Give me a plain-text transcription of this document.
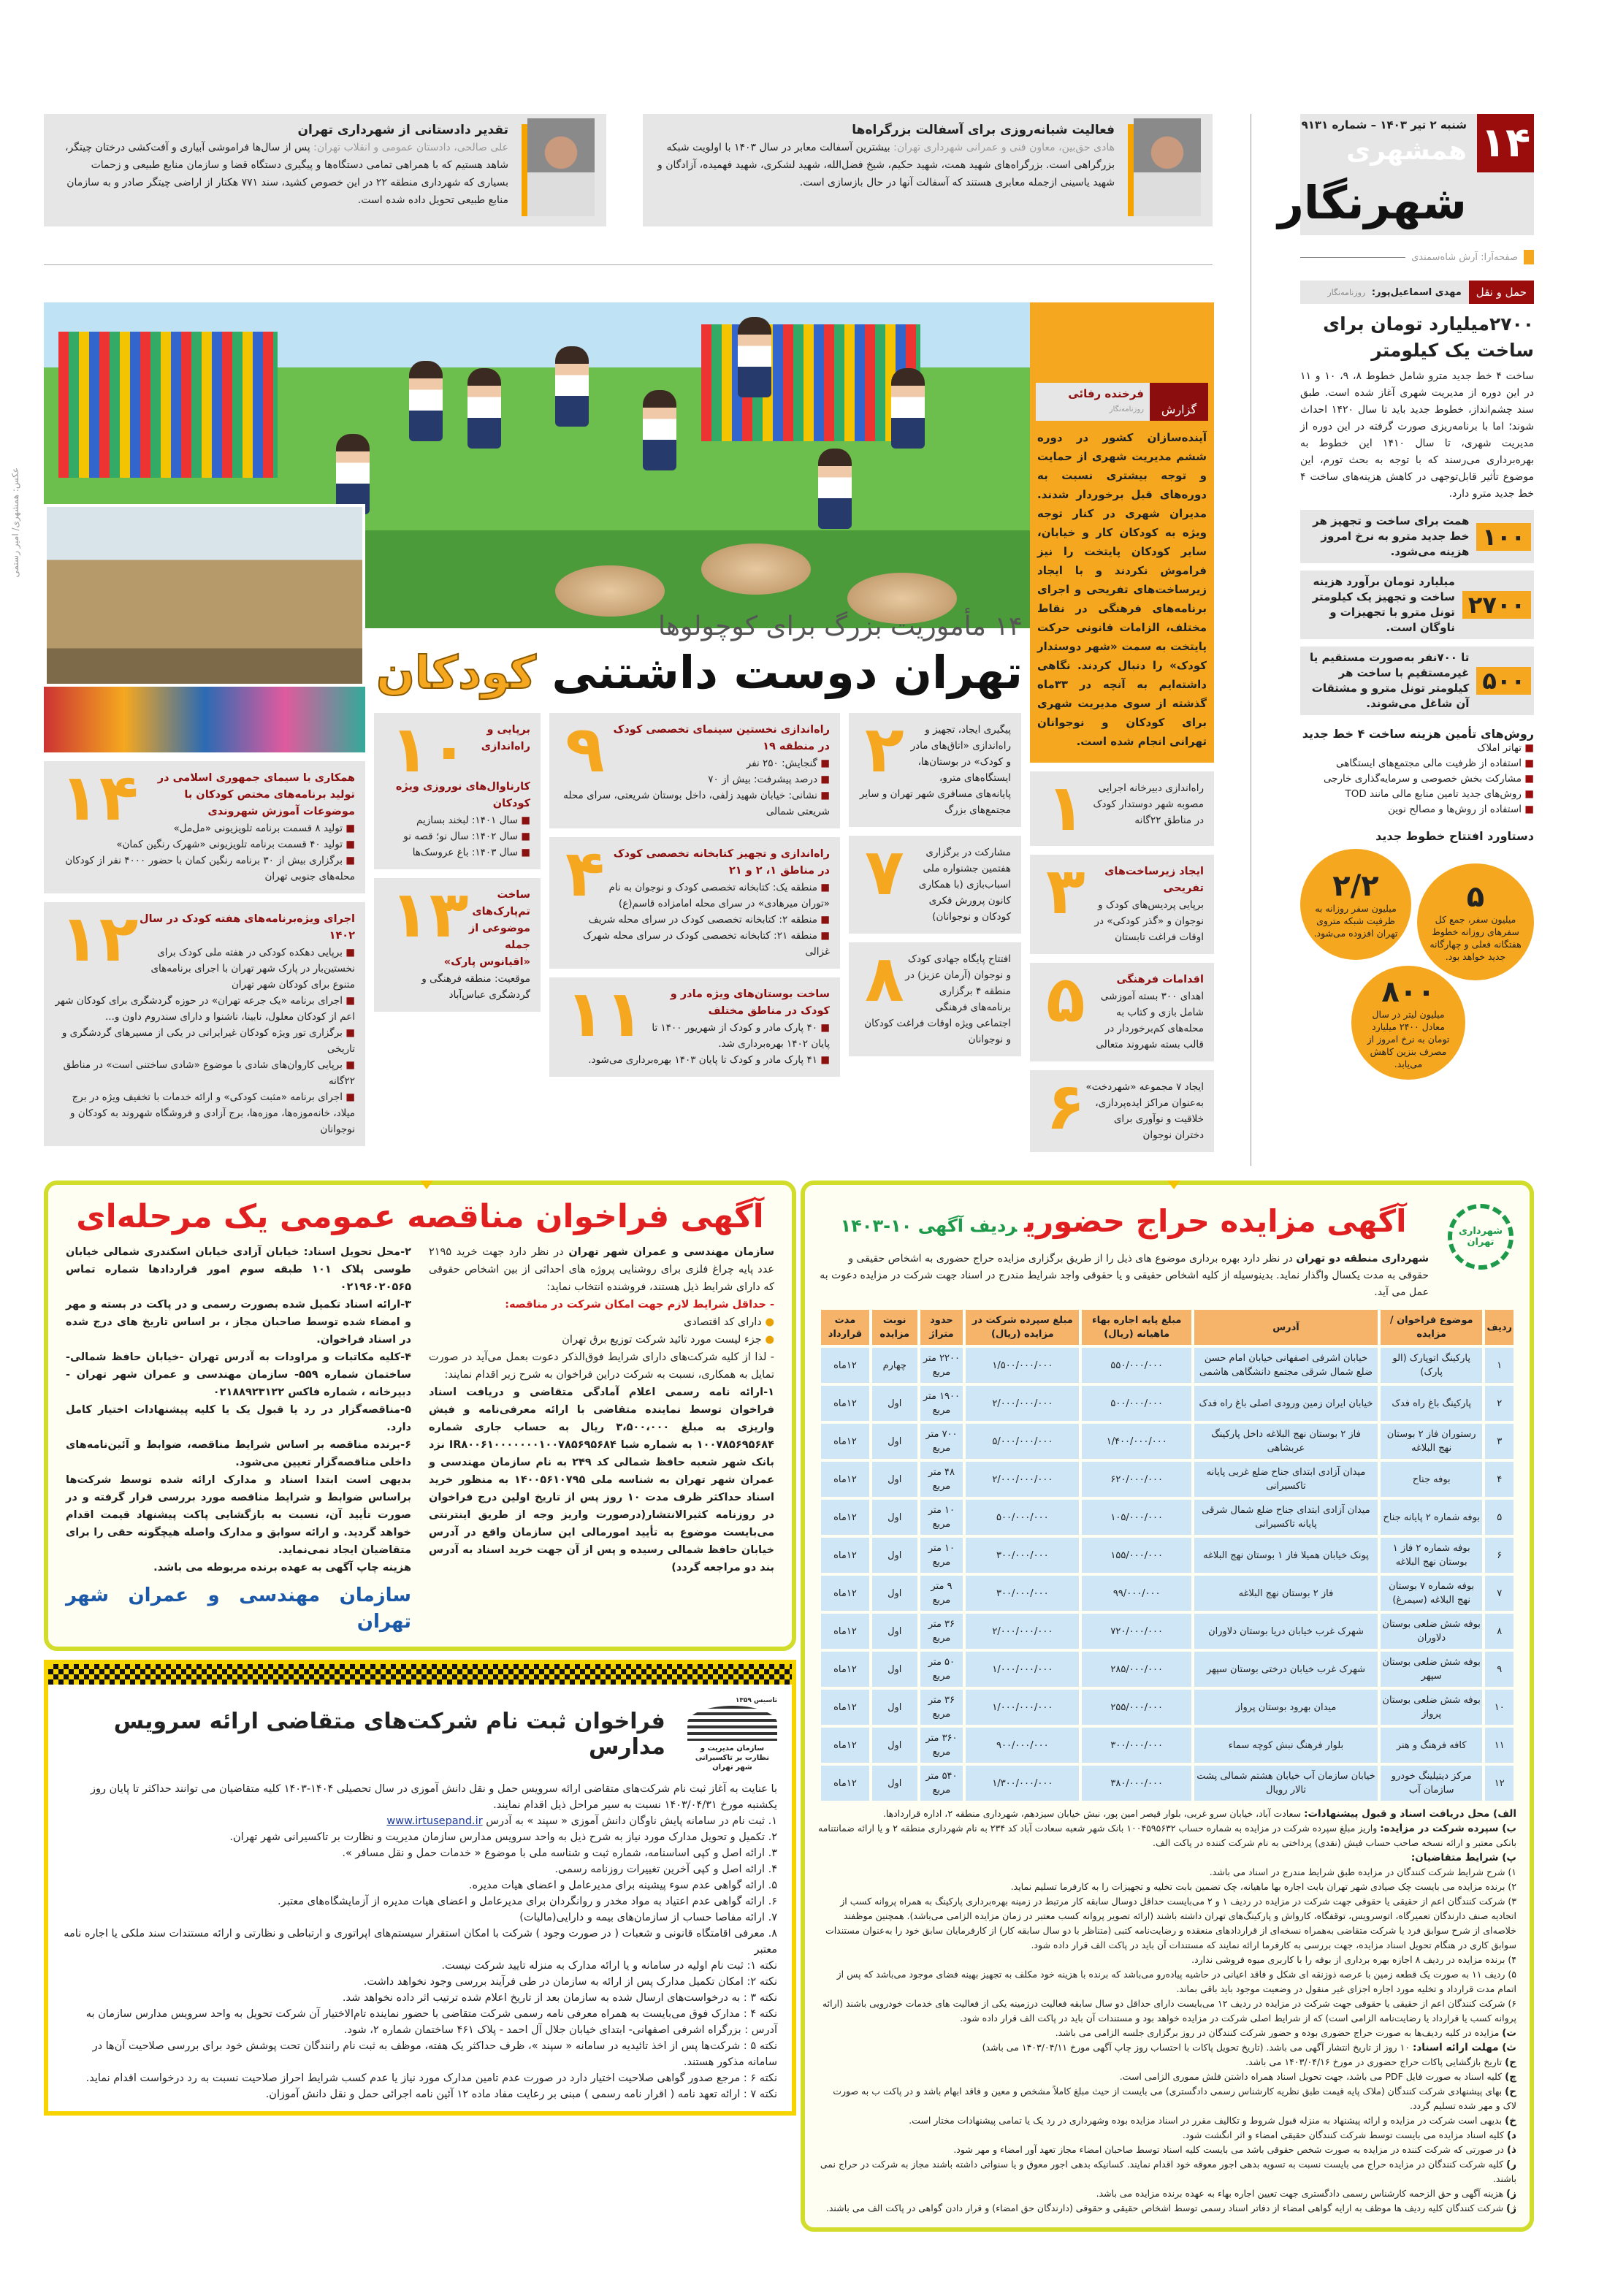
فعالیت شبانه‌روزی برای آسفالت بزرگراه‌ها

هادی حق‌بین، معاون فنی و عمرانی شهرداری تهران: بیشترین آسفالت معابر در سال ۱۴۰۳ با اولویت شبکه بزرگراهی است. بزرگراه‌های شهید همت، شهید حکیم، شیخ فضل‌الله، شهید لشکری، شهید فهمیده، آزادگان و شهید یاسینی ازجمله معابری هستند که آسفالت آنها در حال بازسازی است.

تقدیر دادستانی از شهرداری تهران

علی صالحی، دادستان عمومی و انقلاب تهران: پس از سال‌ها فراموشی آبیاری و آفت‌کشی درختان چیتگر، شاهد هستیم که با همراهی تمامی دستگاه‌ها و پیگیری دستگاه قضا و سازمان منابع طبیعی و زحمات بسیاری که شهرداری منطقه ۲۲ در این خصوص کشید، سند ۷۷۱ هکتار از اراضی چیتگر صادر و به سازمان منابع طبیعی تحویل داده شده است.

۱۴
شنبه ۲ تیر ۱۴۰۳ – شماره ۹۱۳۱
همشهری
شهرنگار
صفحه‌آرا: آرش شاه‌سمندی
حمل و نقل
مهدی اسماعیل‌پور: روزنامه‌نگار
۲۷۰۰میلیارد تومان برای ساخت یک کیلومتر

ساخت ۴ خط جدید مترو شامل خطوط ۸، ۹، ۱۰ و ۱۱ در این دوره از مدیریت شهری آغاز شده است. طبق سند چشم‌انداز، خطوط جدید باید تا سال ۱۴۲۰ احداث شوند؛ اما با برنامه‌ریزی صورت گرفته در این دوره از مدیریت شهری، تا سال ۱۴۱۰ این خطوط به بهره‌برداری می‌رسند که با توجه به بحث تورم، این موضوع تأثیر قابل‌توجهی در کاهش هزینه‌های ساخت ۴ خط جدید مترو دارد.

۱۰۰
همت برای ساخت و تجهیز هر خط جدید مترو به نرخ امروز هزینه می‌شود.
۲۷۰۰
میلیارد تومان برآورد هزینه ساخت و تجهیز یک کیلومتر تونل مترو با تجهیزات و ناوگان است.
۵۰۰
تا ۷۰۰نفر به‌صورت مستقیم یا غیرمستقیم با ساخت هر کیلومتر تونل مترو و مشتقات آن شاغل می‌شوند.
روش‌های تأمین هزینه ساخت ۴ خط جدید
■ تهاتر املاک
■ استفاده از ظرفیت مالی مجتمع‌های ایستگاهی
■ مشارکت بخش خصوصی و سرمایه‌گذاری خارجی
■ روش‌های جدید تامین منابع مالی مانند TOD
■ استفاده از روش‌ها و مصالح نوین
دستاورد افتتاح خطوط جدید
۲/۲
میلیون سفر روزانه به ظرفیت شبکه متروی تهران افزوده می‌شود.
۵
میلیون سفر، جمع کل سفرهای روزانه خطوط هفتگانه فعلی و چهارگانه جدید خواهد بود.
۸۰۰
میلیون لیتر در سال معادل ۲۴۰۰ میلیارد تومان به نرخ امروز از مصرف بنزین کاهش می‌یابد.
عکس: همشهری/ امیر رستمی
گزارش
فرخنده رفائی
روزنامه‌نگار

آینده‌سازان کشور در دوره ششم مدیریت شهری از حمایت و توجه بیشتری نسبت به دوره‌های قبل برخوردار شدند. مدیران شهری در کنار توجه ویژه به کودکان کار و خیابان، سایر کودکان پایتخت را نیز فراموش نکردند و با ایجاد زیرساخت‌های تفریحی و اجرای برنامه‌های فرهنگی در نقاط مختلف، الزامات قانونی حرکت پایتخت به سمت «شهر دوستدار کودک» را دنبال کردند. نگاهی داشته‌ایم به آنچه در ۳۳ماه گذشته از سوی مدیریت شهری برای کودکان و نوجوانان تهرانی انجام شده است.

۱۴ مأموریت بزرگ برای کوچولوها
تهران دوست داشتنی کودکان
۱	راه‌اندازی دبیرخانه اجرایی مصوبه شهر دوستدار کودک در مناطق ۲۲گانه
۳	ایجاد زیرساخت‌های تفریحی
برپایی پردیس‌های کودک و نوجوان و «گذر کودکی» در اوقات فراغت تابستان
۵	اقدامات فرهنگی
اهدای ۳۰۰ بسته آموزشی شامل بازی و کتاب به محله‌های کم‌برخوردار در قالب بسته شهروند متعالی
۶ ایجاد ۷ مجموعه «شهردخت» به‌عنوان مراکز ایده‌پردازی، خلاقیت و نوآوری برای دختران نوجوان
۲	پیگیری ایجاد، تجهیز و راه‌اندازی «اتاق‌های مادر و کودک» در بوستان‌ها، ایستگاه‌های مترو، پایانه‌های مسافری شهر تهران و سایر مجتمع‌های بزرگ
۷	مشارکت در برگزاری هفتمین جشنواره ملی اسباب‌بازی (با همکاری کانون پرورش فکری کودکان و نوجوانان)
۸ افتتاح پایگاه جهادی کودک و نوجوان (آرمان عزیز) در منطقه ۴ برگزاری برنامه‌های فرهنگی اجتماعی ویژه اوقات فراغت کودکان و نوجوانان
۹ راه‌اندازی نخستین سینمای تخصصی کودک در منطقه ۱۹
■ گنجایش: ۲۵۰ نفر
■ درصد پیشرفت: بیش از ۷۰
■ نشانی: خیابان شهید زلفی، داخل بوستان شریعتی، سرای محله شریعتی شمالی
۴ راه‌اندازی و تجهیز کتابخانه تخصصی کودک در مناطق ۱، ۲ و ۲۱
■ منطقه یک: کتابخانه تخصصی کودک و نوجوان به نام «توران میرهادی» در سرای محله امامزاده قاسم(ع)
■ منطقه ۲: کتابخانه تخصصی کودک در سرای محله شریف
■ منطقه ۲۱: کتابخانه تخصصی کودک در سرای محله شهرک غزالی
۱۱	ساخت بوستان‌های ویژه مادر و کودک در مناطق مختلف
■ ۴۰ پارک مادر و کودک از شهریور ۱۴۰۰ تا پایان ۱۴۰۲ بهره‌برداری شد.
■ ۴۱ پارک مادر و کودک تا پایان ۱۴۰۳ بهره‌برداری می‌شود.
۱۰	برپایی و راه‌اندازی کارناوال‌های نوروزی ویژه کودکان
■ سال ۱۴۰۱: لبخند بسازیم
■ سال ۱۴۰۲: سال نو؛ قصه نو
■ سال ۱۴۰۳: باغ عروسک‌ها
۱۳	ساخت تم‌پارک‌های موضوعی از جمله «اقیانوس پارک»
موقعیت: منطقه فرهنگی و گردشگری عباس‌آباد
۱۴	همکاری با سیمای جمهوری اسلامی در تولید برنامه‌های مختص کودکان با موضوعات آموزش شهروندی
■ تولید ۸ قسمت برنامه تلویزیونی «مل‌مل»
■ تولید ۴۰ قسمت برنامه تلویزیونی «شهرک رنگین کمان»
■ برگزاری بیش از ۳۰ برنامه رنگین کمان با حضور ۴۰۰۰ نفر از کودکان محله‌های جنوبی تهران
۱۲ اجرای ویژه‌برنامه‌های هفته کودک در سال ۱۴۰۲
■ برپایی دهکده کودکی در هفته ملی کودک برای نخستین‌بار در پارک شهر تهران با اجرای برنامه‌های متنوع برای کودکان شهر تهران
■ اجرای برنامه «یک جرعه تهران» در حوزه گردشگری برای کودکان شهر اعم از کودکان معلول، نابینا، ناشنوا و دارای سندروم داون و...
■ برگزاری تور ویژه کودکان غیرایرانی در یکی از مسیرهای گردشگری و تاریخی
■ برپایی کاروان‌های شادی با موضوع «شادی ساختنی است» در مناطق ۲۲گانه
■ اجرای برنامه «مثبت کودکی» و ارائه خدمات با تخفیف ویژه در برج میلاد، خانه‌موزه‌ها، موزه‌ها، برج آزادی و فروشگاه شهروند به کودکان و نوجوانان
آگهی فراخوان مناقصه عمومی یک مرحله‌ای

سازمان مهندسی و عمران شهر تهران در نظر دارد جهت خرید ۲۱۹۵ عدد پایه چراغ فلزی برای روشنایی پروژه های احداثی از بین اشخاص حقوقی که دارای شرایط ذیل هستند، فروشنده انتخاب نماید:

- حداقل شرایط لازم جهت امکان شرکت در مناقصه:

● دارای کد اقتصادی

● جزء لیست مورد تائید شرکت توزیع برق تهران

- لذا از کلیه شرکت‌های دارای شرایط فوق‌الذکر دعوت بعمل می‌آید در صورت تمایل به همکاری، نسبت به شرکت دراین فراخوان به شرح زیر اقدام نمایند:

۱-ارائه نامه رسمی اعلام آمادگی متقاضی و دریافت اسناد فراخوان توسط نماینده متقاضی با ارائه معرفی‌نامه و فیش واریزی به مبلغ ۳،۵۰۰،۰۰۰ ریال به حساب جاری شماره ۱۰۰۷۸۵۶۹۵۶۸۴ به شماره شبا IR۸۰۰۶۱۰۰۰۰۰۰۰۱۰۰۷۸۵۶۹۵۶۸۴ نزد بانک شهر شعبه حافظ شمالی کد ۲۴۹ به نام سازمان مهندسی و عمران شهر تهران به شناسه ملی ۱۴۰۰۵۶۱۰۷۹۵ به منظور خرید اسناد حداکثر ظرف مدت ۱۰ روز پس از تاریخ اولین درج فراخوان در روزنامه کثیرالانتشار(درصورت واریز وجه از طریق اینترنتی می‌بایست موضوع به تأیید امورمالی این سازمان واقع در آدرس خیابان حافظ شمالی رسیده و پس از آن جهت خرید اسناد به آدرس بند دو مراجعه گردد)

۲-محل تحویل اسناد: خیابان آزادی خیابان اسکندری شمالی خیابان طوسی پلاک ۱۰۱ طبقه سوم امور قراردادها شماره تماس ۰۲۱۹۶۰۲۰۵۶۵

۳-ارائه اسناد تکمیل شده بصورت رسمی و در پاکت در بسته و مهر و امضاء شده توسط صاحبان مجاز ، بر اساس تاریخ های درج شده در اسناد فراخوان.

۴-کلیه مکاتبات و مراودات به آدرس تهران -خیابان حافظ شمالی- ساختمان شماره ۵۵۹- سازمان مهندسی و عمران شهر تهران - دبیرخانه ، شماره فاکس ۰۲۱۸۸۹۲۳۱۲۲

۵-مناقصه‌گزار در رد یا قبول یک یا کلیه پیشنهادات اختیار کامل دارد.

۶-برنده مناقصه بر اساس شرایط مناقصه، ضوابط و آئین‌نامه‌های داخلی مناقصه‌گزار تعیین می‌شود.

بدیهی است ابتدا اسناد و مدارک ارائه شده توسط شرکت‌ها براساس ضوابط و شرایط مناقصه مورد بررسی قرار گرفته و در صورت تأیید آن، نسبت به بازگشایی پاکت پیشنهاد قیمت اقدام خواهد گردید. و ارائه سوابق و مدارک واصله هیچگونه حقی را برای متقاضیان ایجاد نمی‌نماید.

هزینه چاپ آگهی به عهده برنده مربوطه می باشد.

سازمان مهندسی و عمران شهر تهران

شهرداری تهران
آگهی مزایده حراج حضوریردیف آگهی ۱۰-۱۴۰۳

شهرداری منطقه دو تهران در نظر دارد بهره برداری موضوع های ذیل را از طریق برگزاری مزایده حراج حضوری به اشخاص حقیقی و حقوقی به مدت یکسال واگذار نماید. بدینوسیله از کلیه اشخاص حقیقی و یا حقوقی واجد شرایط مندرج در اسناد جهت شرکت در مزایده دعوت به عمل می آید.

ردیف	موضوع فراخوان / مزایده	آدرس	مبلغ پایه اجاره بهاء ماهیانه (ریال)	مبلغ سپرده شرکت در مزایده (ریال)	حدود متراژ	نوبت مزایده	مدت قرارداد
۱	پارکینگ اتوپارک (الو پارک)	خیابان اشرفی اصفهانی خیابان امام حسن ضلع شمال شرقی مجتمع دانشگاهی هاشمی	۵۵۰/۰۰۰/۰۰۰	۱/۵۰۰/۰۰۰/۰۰۰	۲۲۰۰ متر مربع	چهارم	۱۲ماه
۲	پارکینگ باغ راه فدک	خیابان ایران زمین ورودی اصلی باغ راه فدک	۵۰۰/۰۰۰/۰۰۰	۲/۰۰۰/۰۰۰/۰۰۰	۱۹۰۰ متر مربع	اول	۱۲ماه
۳	رستوران فاز ۲ بوستان نهج البلاغه	فاز ۲ بوستان نهج البلاغه داخل پارکینگ عربشاهی	۱/۴۰۰/۰۰۰/۰۰۰	۵/۰۰۰/۰۰۰/۰۰۰	۷۰۰ متر مربع	اول	۱۲ماه
۴	بوفه جناح	میدان آزادی ابتدای جناح ضلع غربی پایانه تاکسیرانی	۶۲۰/۰۰۰/۰۰۰	۲/۰۰۰/۰۰۰/۰۰۰	۴۸ متر مربع	اول	۱۲ماه
۵	بوفه شماره ۲ پایانه جناح	میدان آزادی ابتدای جناح ضلع شمال شرقی پایانه تاکسیرانی	۱۰۵/۰۰۰/۰۰۰	۵۰۰/۰۰۰/۰۰۰	۱۰ متر مربع	اول	۱۲ماه
۶	بوفه شماره ۲ فاز ۱ بوستان نهج البلاغه	پونک خیابان همیلا فاز ۱ بوستان نهج البلاغه	۱۵۵/۰۰۰/۰۰۰	۳۰۰/۰۰۰/۰۰۰	۱۰ متر مربع	اول	۱۲ماه
۷	بوفه شماره ۷ بوستان نهج البلاغه (سیمرغ)	فاز ۲ بوستان نهج البلاغه	۹۹/۰۰۰/۰۰۰	۳۰۰/۰۰۰/۰۰۰	۹ متر مربع	اول	۱۲ماه
۸	بوفه شش ضلعی بوستان دلاوران	شهرک غرب خیابان دریا بوستان دلاوران	۷۲۰/۰۰۰/۰۰۰	۲/۰۰۰/۰۰۰/۰۰۰	۳۶ متر مربع	اول	۱۲ماه
۹	بوفه شش ضلعی بوستان سپهر	شهرک غرب خیابان درختی بوستان سپهر	۲۸۵/۰۰۰/۰۰۰	۱/۰۰۰/۰۰۰/۰۰۰	۵۰ متر مربع	اول	۱۲ماه
۱۰	بوفه شش ضلعی بوستان پرواز	میدان بهرود بوستان پرواز	۲۵۵/۰۰۰/۰۰۰	۱/۰۰۰/۰۰۰/۰۰۰	۳۶ متر مربع	اول	۱۲ماه
۱۱	کافه فرهنگ و هنر	بلوار فرهنگ نبش کوچه سماء	۳۰۰/۰۰۰/۰۰۰	۹۰۰/۰۰۰/۰۰۰	۳۶۰ متر مربع	اول	۱۲ماه
۱۲	مرکز دیتیلینگ خودرو سازمان آب	خیابان سازمان آب خیابان هشتم شمالی پشت تالار رویال	۳۸۰/۰۰۰/۰۰۰	۱/۳۰۰/۰۰۰/۰۰۰	۵۴۰ متر مربع	اول	۱۲ماه

الف) محل دریافت اسناد و قبول پیشنهادات: سعادت آباد، خیابان سرو غربی، بلوار قیصر امین پور، نبش خیابان سیزدهم، شهرداری منطقه ۲، اداره قراردادها.

ب) سپرده شرکت در مزایده: واریز مبلغ سپرده شرکت در مزایده به شماره حساب ۱۰۰۴۵۹۵۶۳۲ بانک شهر شعبه سعادت آباد کد ۲۳۴ به نام شهرداری منطقه ۲ و یا ارائه ضمانتنامه بانکی معتبر و ارائه نسخه صاحب حساب فیش (نقدی) پرداختی به نام شرکت کننده در پاکت الف.

پ) شرایط متقاضیان:

۱) شرح شرایط شرکت کنندگان در مزایده طبق شرایط مندرج در اسناد می باشد.

۲) برنده مزایده می بایست چک صیادی شهر تهران بابت اجاره بها ماهیانه، چک تضمین بابت تخلیه و تجهیزات را به کارفرما تسلیم نماید.

۳) شرکت کنندگان اعم از حقیقی یا حقوقی جهت شرکت در مزایده در ردیف ۱ و ۲ می‌بایست حداقل دوسال سابقه کار مرتبط در زمینه بهره‌برداری پارکینگ به همراه پروانه کسب از اتحادیه صنف دارندگان تعمیرگاه، اتوسرویس، توقفگاه، کارواش و پارکینگ‌های تهران داشته باشند (ارائه تصویر پروانه کسب معتبر در زمان مزایده الزامی می‌باشد). همچنین موظفند خلاصه‌ای از شرح سوابق فرد یا شرکت متقاضی به‌همراه نسخه‌ای از قراردادهای منعقده و رضایت‌نامه کتبی (متناظر با دو سال سابقه کار) از کارفرمایان سابق خود را به‌عنوان مستندات سوابق کاری در هنگام تحویل اسناد مزایده، جهت بررسی به کارفرما ارائه نمایند که مستندات آن باید در پاکت الف قرار داده شود.

۴) برنده مزایده در ردیف ۸ اجازه بهره برداری از بوفه را با کاربری میوه فروشی ندارد.

۵) ردیف ۱۱ به صورت یک قطعه زمین با عرصه ذوزنقه ای شکل و فاقد اعیانی در حاشیه پیاده‌رو می‌باشد که برنده با هزینه خود مکلف به تجهیز بهینه فضای موجود می‌باشد که پس از اتمام مدت قرارداد و تخلیه مورد اجاره اجزای غیر منقول در وضعیت موجود باید باقی بماند.

۶) شرکت کنندگان اعم از حقیقی یا حقوقی جهت شرکت در مزایده در ردیف ۱۲ می‌بایست دارای حداقل دو سال سابقه فعالیت درزمینه یکی از فعالیت های خدمات خودرویی باشند (ارائه پروانه کسب یا قرارداد یا رضایت‌نامه الزامی است) که از شرایط اصلی شرکت در مزایده خواهد بود و مستندات آن باید در پاکت الف قرار داده شود.

ت) مزایده در کلیه ردیف‌ها به صورت حراج حضوری بوده و حضور شرکت کنندگان در روز برگزاری جلسه الزامی می باشد.

ث) مهلت ارائه اسناد: ۱۰ روز از تاریخ انتشار آگهی می باشد. (تاریخ تحویل پاکات با احتساب روز چاپ آگهی مورخ ۱۴۰۳/۰۴/۱۱ می باشد)

ج) تاریخ بازگشایی پاکات حراج حضوری در مورخ ۱۴۰۳/۰۴/۱۶ می باشد.

چ) کلیه اسناد به صورت فایل PDF می باشد، جهت تحویل اسناد همراه داشتن فلش مموری الزامی است.

ح) بهای پیشنهادی شرکت کنندگان (ملاک پایه قیمت طبق نظریه کارشناس رسمی دادگستری) می بایست از حیث مبلغ کاملاً مشخص و معین و فاقد ابهام باشد و در پاکت ب به صورت لاک و مهر شده تسلیم گردد.

خ) بدیهی است شرکت در مزایده و ارائه پیشنهاد به منزله قبول شروط و تکالیف مقرر در اسناد مزایده بوده وشهرداری در رد یک یا تمامی پیشنهادات مختار است.

د) کلیه اسناد مزایده می بایست توسط شرکت کنندگان حقیقی امضاء و اثر انگشت شود.

ذ) در صورتی که شرکت کننده در مزایده به صورت شخص حقوقی باشد می بایست کلیه اسناد توسط صاحبان امضاء مجاز تعهد آور امضاء و مهر شود.

ر) کلیه شرکت کنندگان در مزایده حراج می بایست نسبت به تسویه بدهی اجور معوقه خود اقدام نمایند. کسانیکه بدهی اجور معوق و یا سنواتی داشته باشند مجاز به شرکت در حراج نمی باشند.

ز) هزینه آگهی و حق الزحمه کارشناس رسمی دادگستری جهت تعیین اجاره بهاء به عهده برنده مزایده می باشد.

ژ) شرکت کنندگان کلیه ردیف ها موظف به ارایه گواهی امضاء از دفاتر اسناد رسمی توسط اشخاص حقیقی و حقوقی (دارندگان حق امضاء) و قرار دادن گواهی در پاکت الف می باشند.

تاسیس ۱۳۵۹
سازمان مدیریت و نظارت بر تاکسیرانی شهر تهران
فراخوان ثبت نام شرکت‌های متقاضی ارائه سرویس مدارس

با عنایت به آغاز ثبت نام شرکت‌های متقاضی ارائه سرویس حمل و نقل دانش آموزی در سال تحصیلی ۱۴۰۴-۱۴۰۳ کلیه متقاضیان می توانند حداکثر تا پایان روز یکشنبه مورخ ۱۴۰۳/۰۴/۳۱ نسبت به سیر مراحل ذیل اقدام نمایند.

۱. ثبت نام در سامانه پایش ناوگان دانش آموزی « سپند » به آدرس www.irtusepand.ir

۲. تکمیل و تحویل مدارک مورد نیاز به شرح ذیل به واحد سرویس مدارس سازمان مدیریت و نظارت بر تاکسیرانی شهر تهران.

۳. ارائه اصل و کپی اساسنامه، شماره ثبت و شناسه ملی با موضوع « خدمات حمل و نقل مسافر ».

۴. ارائه اصل و کپی آخرین تغییرات روزنامه رسمی.

۵. ارائه گواهی عدم سوء پیشینه برای مدیرعامل و اعضای هیات مدیره.

۶. ارائه گواهی عدم اعتیاد به مواد مخدر و روانگردان برای مدیرعامل و اعضای هیات مدیره از آزمایشگاه‌های معتبر.

۷. ارائه مفاصا حساب از سازمان‌های بیمه و دارایی(مالیات)

۸. معرفی اقامتگاه قانونی و شعبات ( در صورت وجود ) شرکت با امکان استقرار سیستم‌های اپراتوری و ارتباطی و نظارتی و ارائه مستندات سند ملکی یا اجاره نامه معتبر

نکته ۱: ثبت نام اولیه در سامانه و یا ارائه مدارک به منزله تایید شرکت نیست.

نکته ۲: امکان تکمیل مدارک پس از ارائه به سازمان در طی فرآیند بررسی وجود نخواهد داشت.

نکته ۳ : به درخواست‌های ارسال شده به سازمان بعد از تاریخ اعلام شده ترتیب اثر داده نخواهد شد.

نکته ۴ : مدارک فوق می‌بایست به همراه معرفی نامه رسمی شرکت متقاضی با حضور نماینده تام‌الاختیار آن شرکت تحویل به واحد سرویس مدارس سازمان به آدرس : بزرگراه اشرفی اصفهانی- ابتدای خیابان جلال آل احمد - پلاک ۴۶۱ ساختمان شماره ۲، شود.

نکته ۵ : شرکت‌ها پس از اخذ تائیدیه در سامانه « سپند »، ظرف حداکثر یک هفته، موظف به ثبت نام رانندگان تحت پوشش خود برای بررسی صلاحیت آن‌ها در سامانه مذکور هستند.

نکته ۶ : مرجع صدور گواهی صلاحیت اختیار دارد در صورت عدم تامین مدارک مورد نیاز یا عدم کسب شرایط احراز صلاحیت نسبت به رد درخواست اقدام نماید.

نکته ۷ : ارائه تعهد نامه ( اقرار نامه رسمی ) مبنی بر رعایت مفاد ماده ۱۲ آئین نامه اجرائی حمل و نقل دانش آموزان.
